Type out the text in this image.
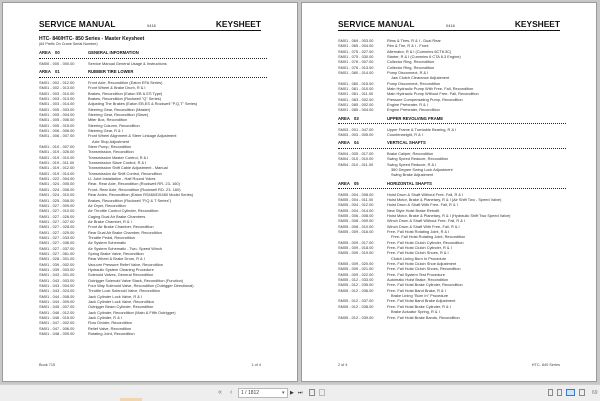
SERVICE MANUAL	0416	KEYSHEET
HTC- 840/HTC- 850 Series - Master Keysheet
(64 Prefix On Crane Serial Number)
AREA 00	GENERAL INFORMATION
SM00 - 000 - 000.00	Service Manual General Usage & Instructions
AREA 01	RUBBER TIRE LOWER
SM01 - 002 - 012.00	Front Axle, Recondition (Eaton EFA Series)
SM01 - 002 - 013.00	Front Wheel & Brake Drum, R & I
SM01 - 003 - 010.00	Brakes, Recondition (Eaton EB & ES Type)
SM01 - 003 - 013.00	Brakes, Recondition (Rockwell "Q" Series)
SM01 - 003 - 014.00	Adjusting The Brakes (Eaton EB,ES & Rockwell "P,Q,T" Series)
SM01 - 005 - 003.00	Steering Gear, Recondition (Master)
SM01 - 005 - 004.00	Steering Gear, Recondition (Slave)
SM01 - 005 - 006.00	Miter Box, Recondition
SM01 - 005 - 015.00	Steering Column, Recondition
SM01 - 006 - 006.00	Steering Gear, R & I
SM01 - 006 - 007.00	Front Wheel Alignment & Steer Linkage Adjustment
Axle Stop Adjustment
SM01 - 010 - 007.00	Steer Pump, Recondition
SM01 - 019 - 026.00	Transmission, Recondition
SM01 - 019 - 010.00	Transmission Master Control, R & I
SM01 - 019 - 011.00	Transmission Slave Control, R & I
SM01 - 019 - 012.00	Transmission Shift Cable Adjustment - Manual
SM01 - 019 - 014.00	Transmission Air Shift Control, Recondition
SM01 - 022 - 004.00	U- Joint Installation - Half Round Yokes
SM01 - 024 - 005.00	Rear- Rear Axle, Recondition (Rockwell RR- 23- 160)
SM01 - 024 - 008.00	Front- Rear Axle, Recondition (Rockwell RD- 23- 160)
SM01 - 024 - 010.00	Rear Axles, Recondition (Eaton RS460/DS460 Model Series)
SM01 - 025 - 008.00	Brakes, Recondition (Rockwell "P,Q & T Series")
SM01 - 027 - 009.00	Air Dryer, Recondition
SM01 - 027 - 010.00	Air Throttle Control Cylinder, Recondition
SM01 - 027 - 026.00	Caging Dual Air Brake Chambers
SM01 - 027 - 027.00	Air Brake Chamber, R & I
SM01 - 027 - 028.00	Front Air Brake Chamber, Recondition
SM01 - 027 - 029.00	Rear Dual Air Brake Chamber, Recondition
SM01 - 027 - 033.00	Throttle Pedal, Recondition
SM01 - 027 - 036.00	Air System Schematic
SM01 - 027 - 037.00	Air System Schematic - Two- Speed Winch
SM01 - 027 - 061.00	Spring Brake Valve, Recondition
SM01 - 028 - 001.00	Rear Wheel & Brake Drum, R & I
SM01 - 039 - 002.00	Vacuum Pressure Relief Valve, Recondition
SM01 - 039 - 003.00	Hydraulic System Cleaning Procedure
SM01 - 043 - 001.00	Solenoid Valves, General Recondition
SM01 - 043 - 003.00	Outrigger Solenoid Valve Stack, Recondition (Function)
SM01 - 043 - 004.00	Four Way Solenoid Valve, Recondition (Outrigger Directional)
SM01 - 043 - 024.00	Throttle Lock Solenoid Valve, Recondition
SM01 - 044 - 008.00	Jack Cylinder Lock Valve, R & I
SM01 - 044 - 009.00	Jack Cylinder Lock Valve, Recondition
SM01 - 045 - 007.00	Outrigger Beam Cylinder, Recondition
SM01 - 046 - 012.00	Jack Cylinder, Recondition (Main & Fifth Outrigger)
SM01 - 046 - 015.00	Jack Cylinder, R & I
SM01 - 047 - 002.00	Flow Divider, Recondition
SM01 - 047 - 006.00	Relief Valve, Recondition
SM01 - 048 - 009.00	Rotating Joint, Recondition
Book 715	1 of 4
SERVICE MANUAL	0416	KEYSHEET
SM01 - 069 - 003.00	Rims & Tires, R & I - Dual Rear
SM01 - 069 - 004.00	Rim & Tire, R & I - Front
SM01 - 075 - 027.00	Alternator, R & I (Cummins 6CT8.3C)
SM01 - 075 - 030.00	Starter, R & I (Cummins 6 CTA 8.3 Engine)
SM01 - 076 - 007.00	Collector Ring, Recondition
SM01 - 076 - 013.00	Collector Ring, Recondition
SM01 - 080 - 014.00	Pump Disconnect, R & I
Jaw Clutch Clearance Adjustment
SM01 - 080 - 015.00	Pump Disconnect, Recondition
SM01 - 081 - 010.00	Main Hydraulic Pump With Free- Fall, Recondition
SM01 - 081 - 011.00	Main Hydraulic Pump Without Free- Fall, Recondition
SM01 - 083 - 002.00	Pressure Compensating Pump, Recondition
SM01 - 085 - 002.00	Engine Preheater, R & I
SM01 - 085 - 004.00	Engine Preheater, Recondition
AREA 03	UPPER REVOLVING FRAME
SM03 - 001 - 047.00	Upper Frame & Turntable Bearing, R & I
SM03 - 003 - 005.00	Counterweight, R & I
AREA 04	VERTICAL SHAFTS
SM04 - 005 - 017.00	Brake Caliper, Recondition
SM04 - 010 - 010.00	Swing Speed Reducer, Recondition
SM04 - 010 - 011.00	Swing Speed Reducer, R & I
360 Degree Swing Lock Adjustment
Swing Brake Adjustment
AREA 05	HORIZONTAL SHAFTS
SM05 - 004 - 008.00	Hoist Drum & Shaft Without Free- Fall, R & I
SM05 - 004 - 011.00	Hoist Motor, Brake & Planetary, R & I (Air Shift Two - Speed Valve)
SM05 - 004 - 012.00	Hoist Drum & Shaft With Free- Fall, R & I
SM05 - 004 - 014.00	New Style Hoist Brake Retrofit
SM05 - 006 - 008.00	Hoist Motor, Brake & Planetary, R & I (Hydraulic Shift Two Speed Valve)
SM05 - 008 - 009.00	Winch Drum & Shaft Without Free- Fall, R & I
SM05 - 008 - 010.00	Winch Drum & Shaft With Free- Fall, R & I
SM05 - 009 - 016.00	Free- Fall Hoist Rotating Joint, R & I
Free- Fall Hoist Rotating Joint, Recondition
SM05 - 009 - 017.00	Free- Fall Hoist Clutch Cylinder, Recondition
SM05 - 009 - 018.00	Free- Fall Hoist Clutch Cylinder, R & I
SM05 - 009 - 019.00	Free- Fall Hoist Clutch Shoes, R & I
Clutch Lining Burn In Procedure
SM05 - 009 - 020.00	Free- Fall Hoist Clutch Shoe Adjustment
SM05 - 009 - 021.00	Free- Fall Hoist Clutch Shoes, Recondition
SM05 - 009 - 022.00	Free- Fall System Test Procedure
SM05 - 012 - 033.00	Automatic Hoist Brake, Recondition
SM05 - 012 - 035.00	Free- Fall Hoist Brake Cylinder, Recondition
SM05 - 012 - 036.00	Free- Fall Hoist Band Brake, R & I
Brake Lining "Burn In" Procedure
SM05 - 012 - 037.00	Free- Fall Hoist Band Brake Adjustment
SM05 - 012 - 038.00	Free- Fall Hoist Brake Cylinder, R & I
Brake Actuator Spring, R & I
SM05 - 012 - 039.00	Free- Fall Hoist Brake Bands, Recondition
2 of 4	HTC- 840 Series
« ‹	1 / 1812	▾ ▶ ⏭	69
